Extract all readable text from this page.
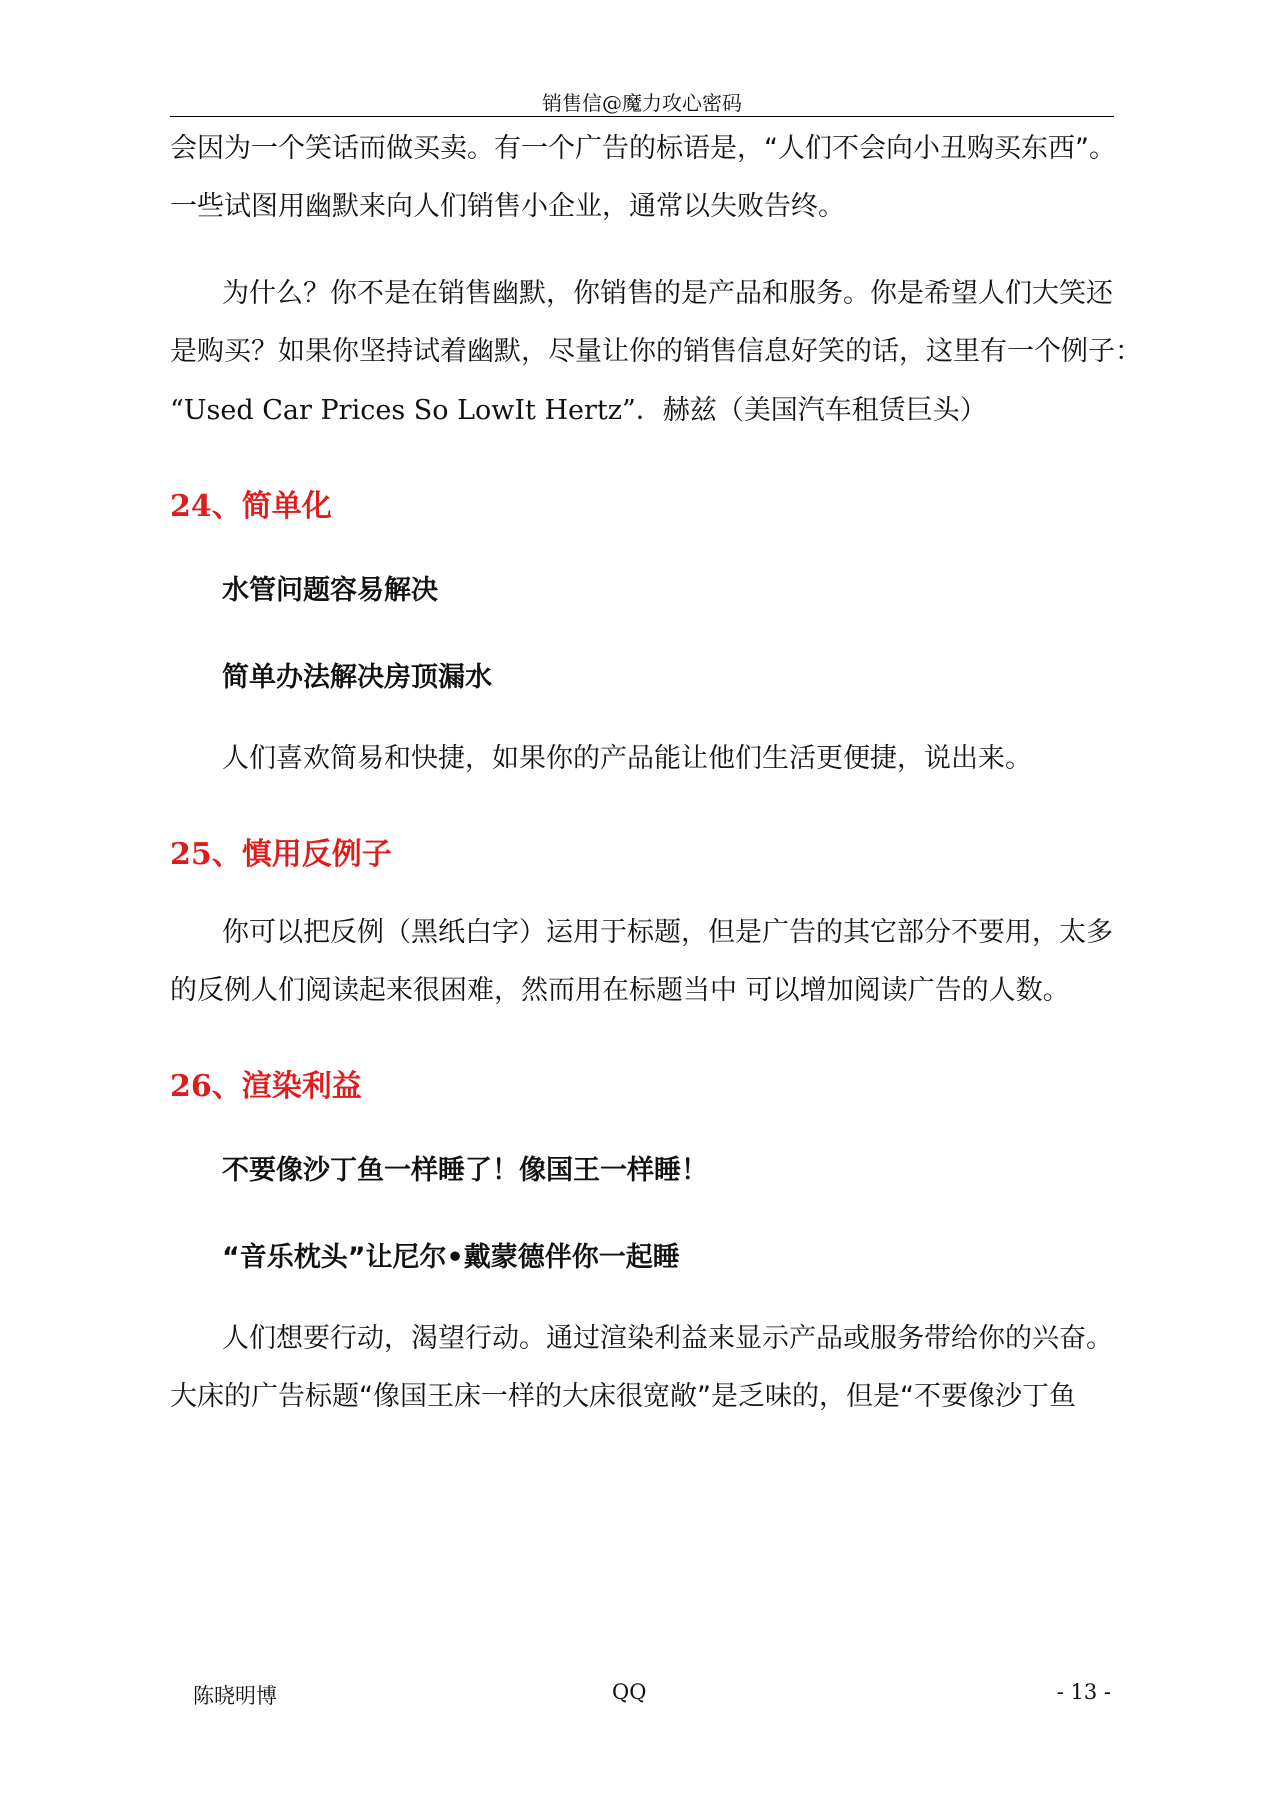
销售信@魔力攻心密码
会因为一个笑话而做买卖。有一个广告的标语是，“人们不会向小丑购买东西”。
一些试图用幽默来向人们销售小企业，通常以失败告终。
为什么？你不是在销售幽默，你销售的是产品和服务。你是希望人们大笑还
是购买？如果你坚持试着幽默，尽量让你的销售信息好笑的话，这里有一个例子：
“Used Car Prices So LowIt Hertz”．赫兹（美国汽车租赁巨头）
24、简单化
水管问题容易解决
简单办法解决房顶漏水
人们喜欢简易和快捷，如果你的产品能让他们生活更便捷，说出来。
25、慎用反例子
你可以把反例（黑纸白字）运用于标题，但是广告的其它部分不要用，太多
的反例人们阅读起来很困难，然而用在标题当中 可以增加阅读广告的人数。
26、渲染利益
不要像沙丁鱼一样睡了！像国王一样睡！
“音乐枕头”让尼尔•戴蒙德伴你一起睡
人们想要行动，渴望行动。通过渲染利益来显示产品或服务带给你的兴奋。
大床的广告标题“像国王床一样的大床很宽敞”是乏味的，但是“不要像沙丁鱼
陈晓明博	QQ	- 13 -
